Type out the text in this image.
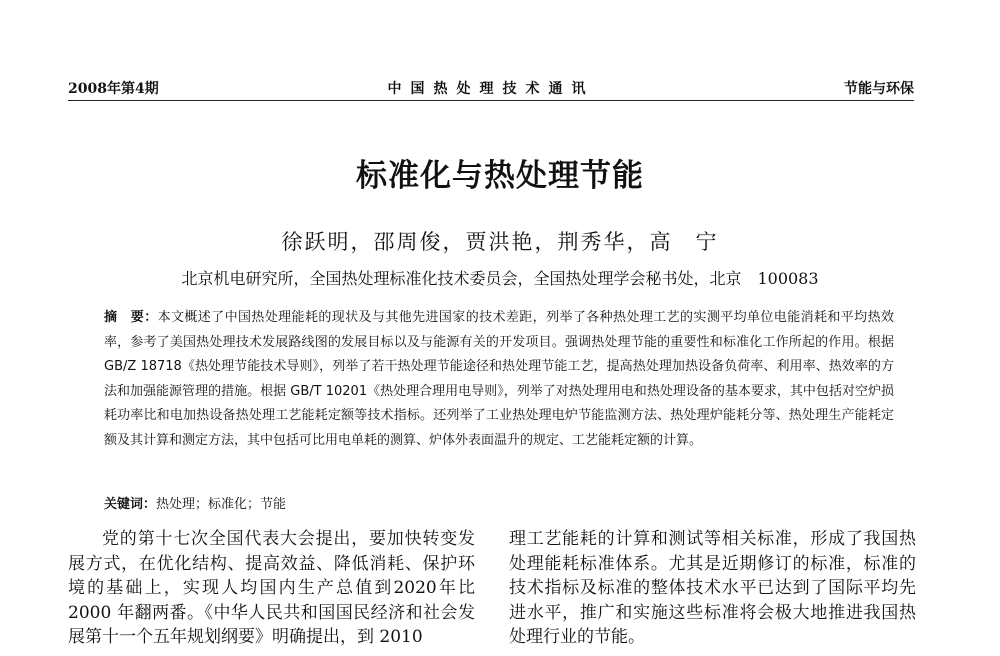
2008年第4期	中国热处理技术通讯	节能与环保
标准化与热处理节能
徐跃明，邵周俊，贾洪艳，荆秀华，高　宁
北京机电研究所，全国热处理标准化技术委员会，全国热处理学会秘书处，北京　100083
摘　要：本文概述了中国热处理能耗的现状及与其他先进国家的技术差距，列举了各种热处理工艺的实测平均单位电能消耗和平均热效率，参考了美国热处理技术发展路线图的发展目标以及与能源有关的开发项目。强调热处理节能的重要性和标准化工作所起的作用。根据 GB/Z 18718《热处理节能技术导则》，列举了若干热处理节能途径和热处理节能工艺，提高热处理加热设备负荷率、利用率、热效率的方法和加强能源管理的措施。根据 GB/T 10201《热处理合理用电导则》，列举了对热处理用电和热处理设备的基本要求，其中包括对空炉损耗功率比和电加热设备热处理工艺能耗定额等技术指标。还列举了工业热处理电炉节能监测方法、热处理炉能耗分等、热处理生产能耗定额及其计算和测定方法，其中包括可比用电单耗的测算、炉体外表面温升的规定、工艺能耗定额的计算。
关键词：热处理；标准化；节能

党的第十七次全国代表大会提出，要加快转变发展方式，在优化结构、提高效益、降低消耗、保护环境的基础上，实现人均国内生产总值到2020年比 2000 年翻两番。《中华人民共和国国民经济和社会发展第十一个五年规划纲要》明确提出，到 2010

理工艺能耗的计算和测试等相关标准，形成了我国热处理能耗标准体系。尤其是近期修订的标准，标准的技术指标及标准的整体技术水平已达到了国际平均先进水平，推广和实施这些标准将会极大地推进我国热处理行业的节能。
